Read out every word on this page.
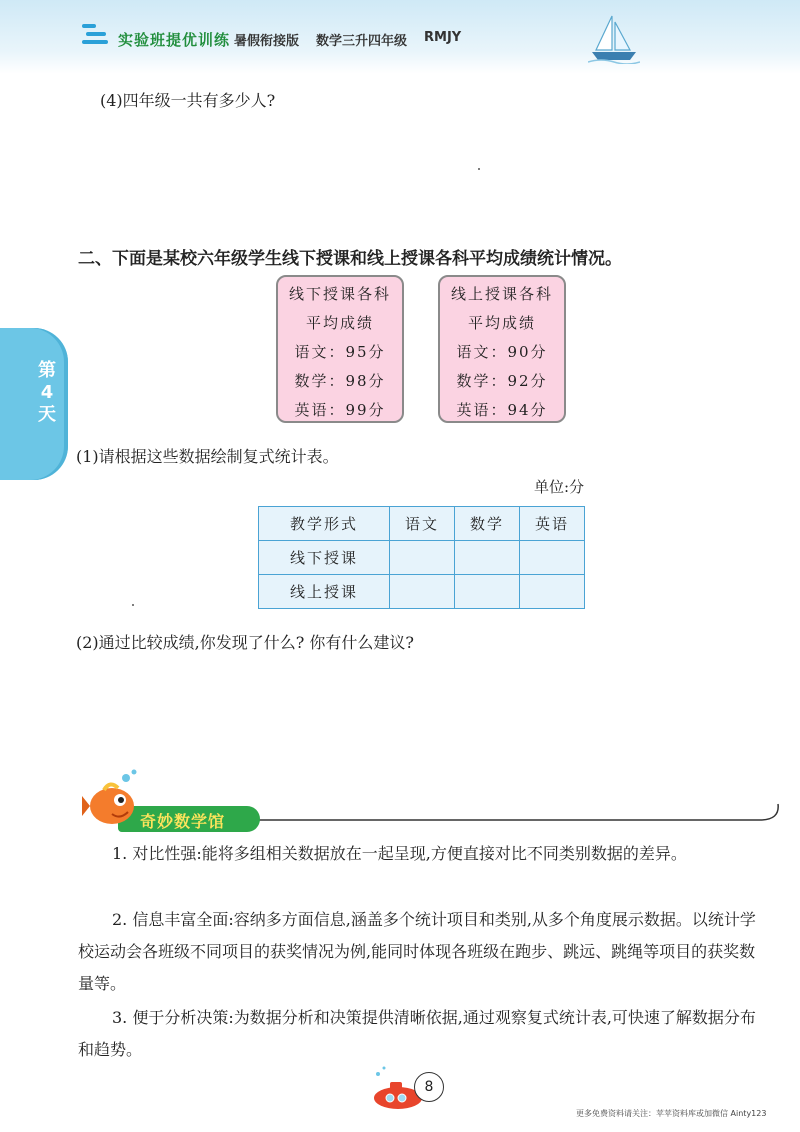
实验班提优训练 暑假衔接版 数学三升四年级 RMJY
第
4
天
(4)四年级一共有多少人?
二、下面是某校六年级学生线下授课和线上授课各科平均成绩统计情况。
线下授课各科
平均成绩
语文：95分
数学：98分
英语：99分
线上授课各科
平均成绩
语文：90分
数学：92分
英语：94分
(1)请根据这些数据绘制复式统计表。
单位:分
教学形式	语文	数学	英语
线下授课			
线上授课			
(2)通过比较成绩,你发现了什么? 你有什么建议?
奇妙数学馆
1. 对比性强:能将多组相关数据放在一起呈现,方便直接对比不同类别数据的差异。
2. 信息丰富全面:容纳多方面信息,涵盖多个统计项目和类别,从多个角度展示数据。以统计学校运动会各班级不同项目的获奖情况为例,能同时体现各班级在跑步、跳远、跳绳等项目的获奖数量等。
3. 便于分析决策:为数据分析和决策提供清晰依据,通过观察复式统计表,可快速了解数据分布和趋势。
8
更多免费资料请关注：苹苹资料库或加微信 Ainty123
